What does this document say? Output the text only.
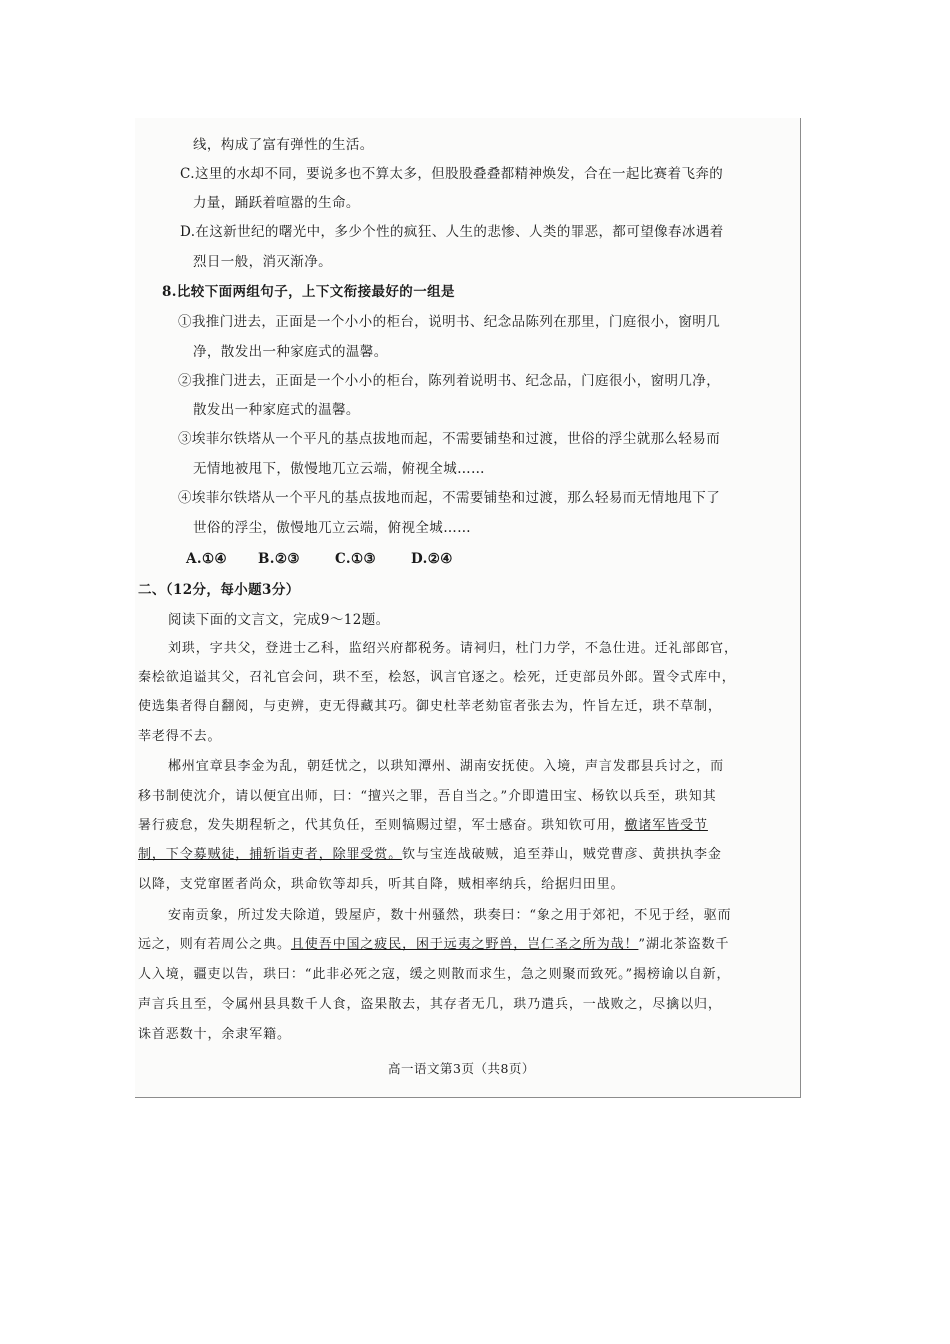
线，构成了富有弹性的生活。
C.这里的水却不同，要说多也不算太多，但股股叠叠都精神焕发，合在一起比赛着飞奔的
力量，踊跃着喧嚣的生命。
D.在这新世纪的曙光中，多少个性的疯狂、人生的悲惨、人类的罪恶，都可望像春冰遇着
烈日一般，消灭渐净。
8.比较下面两组句子，上下文衔接最好的一组是
①我推门进去，正面是一个小小的柜台，说明书、纪念品陈列在那里，门庭很小，窗明几
净，散发出一种家庭式的温馨。
②我推门进去，正面是一个小小的柜台，陈列着说明书、纪念品，门庭很小，窗明几净，
散发出一种家庭式的温馨。
③埃菲尔铁塔从一个平凡的基点拔地而起，不需要铺垫和过渡，世俗的浮尘就那么轻易而
无情地被甩下，傲慢地兀立云端，俯视全城……
④埃菲尔铁塔从一个平凡的基点拔地而起，不需要铺垫和过渡，那么轻易而无情地甩下了
世俗的浮尘，傲慢地兀立云端，俯视全城……
A.①④ B.②③	C.①③	D.②④
二、（12分，每小题3分）
阅读下面的文言文，完成9～12题。
刘珙，字共父，登进士乙科，监绍兴府都税务。请祠归，杜门力学，不急仕进。迁礼部郎官，
秦桧欲追谥其父，召礼官会问，珙不至，桧怒，讽言官逐之。桧死，迁吏部员外郎。置令式库中，
使选集者得自翻阅，与吏辨，吏无得藏其巧。御史杜莘老劾宦者张去为，忤旨左迁，珙不草制，
莘老得不去。
郴州宜章县李金为乱，朝廷忧之，以珙知潭州、湖南安抚使。入境，声言发郡县兵讨之，而
移书制使沈介，请以便宜出师，曰：“擅兴之罪，吾自当之。”介即遣田宝、杨钦以兵至，珙知其
暑行疲怠，发失期程斩之，代其负任，至则犒赐过望，军士感奋。珙知钦可用，檄诸军皆受节
制，下令募贼徒，捕斩诣吏者，除罪受赏。钦与宝连战破贼，追至莽山，贼党曹彦、黄拱执李金
以降，支党窜匿者尚众，珙命钦等却兵，听其自降，贼相率纳兵，给据归田里。
安南贡象，所过发夫除道，毁屋庐，数十州骚然，珙奏曰：“象之用于郊祀，不见于经，驱而
远之，则有若周公之典。且使吾中国之疲民，困于远夷之野兽，岂仁圣之所为哉！”湖北茶盗数千
人入境，疆吏以告，珙曰：“此非必死之寇，缓之则散而求生，急之则聚而致死。”揭榜谕以自新，
声言兵且至，令属州县具数千人食，盗果散去，其存者无几，珙乃遣兵，一战败之，尽擒以归，
诛首恶数十，余隶军籍。
高一语文第3页（共8页）
